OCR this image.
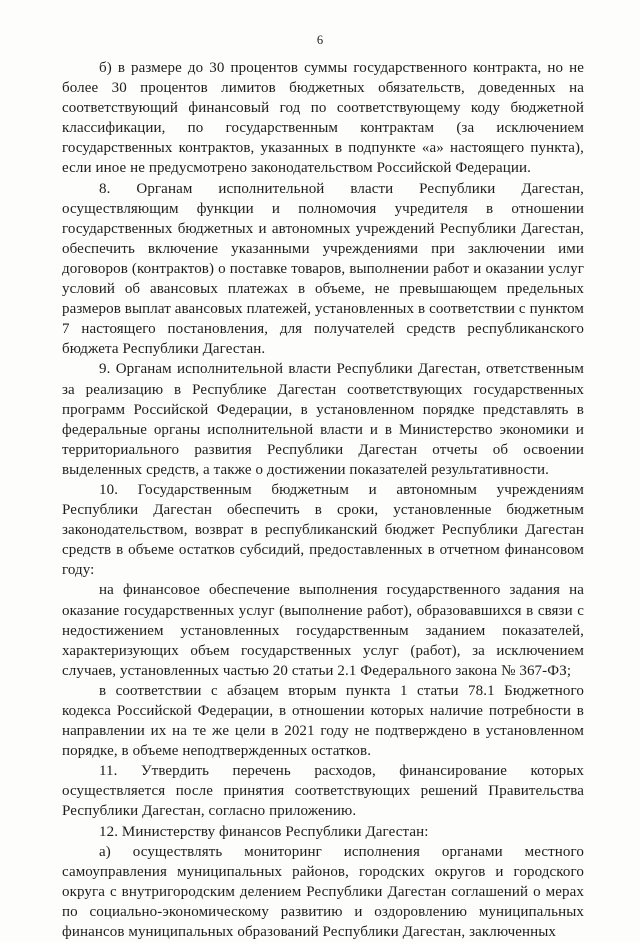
6

б) в размере до 30 процентов суммы государственного контракта, но не более 30 процентов лимитов бюджетных обязательств, доведенных на соответствующий финансовый год по соответствующему коду бюджетной классификации, по государственным контрактам (за исключением государственных контрактов, указанных в подпункте «а» настоящего пункта), если иное не предусмотрено законодательством Российской Федерации.

8. Органам исполнительной власти Республики Дагестан, осуществляющим функции и полномочия учредителя в отношении государственных бюджетных и автономных учреждений Республики Дагестан, обеспечить включение указанными учреждениями при заключении ими договоров (контрактов) о поставке товаров, выполнении работ и оказании услуг условий об авансовых платежах в объеме, не превышающем предельных размеров выплат авансовых платежей, установленных в соответствии с пунктом 7 настоящего постановления, для получателей средств республиканского бюджета Республики Дагестан.

9. Органам исполнительной власти Республики Дагестан, ответственным за реализацию в Республике Дагестан соответствующих государственных программ Российской Федерации, в установленном порядке представлять в федеральные органы исполнительной власти и в Министерство экономики и территориального развития Республики Дагестан отчеты об освоении выделенных средств, а также о достижении показателей результативности.

10. Государственным бюджетным и автономным учреждениям Республики Дагестан обеспечить в сроки, установленные бюджетным законодательством, возврат в республиканский бюджет Республики Дагестан средств в объеме остатков субсидий, предоставленных в отчетном финансовом году:

на финансовое обеспечение выполнения государственного задания на оказание государственных услуг (выполнение работ), образовавшихся в связи с недостижением установленных государственным заданием показателей, характеризующих объем государственных услуг (работ), за исключением случаев, установленных частью 20 статьи 2.1 Федерального закона № 367-ФЗ;

в соответствии с абзацем вторым пункта 1 статьи 78.1 Бюджетного кодекса Российской Федерации, в отношении которых наличие потребности в направлении их на те же цели в 2021 году не подтверждено в установленном порядке, в объеме неподтвержденных остатков.

11. Утвердить перечень расходов, финансирование которых осуществляется после принятия соответствующих решений Правительства Республики Дагестан, согласно приложению.

12. Министерству финансов Республики Дагестан:

а) осуществлять мониторинг исполнения органами местного самоуправления муниципальных районов, городских округов и городского округа с внутригородским делением Республики Дагестан соглашений о мерах по социально-экономическому развитию и оздоровлению муниципальных финансов муниципальных образований Республики Дагестан, заключенных
